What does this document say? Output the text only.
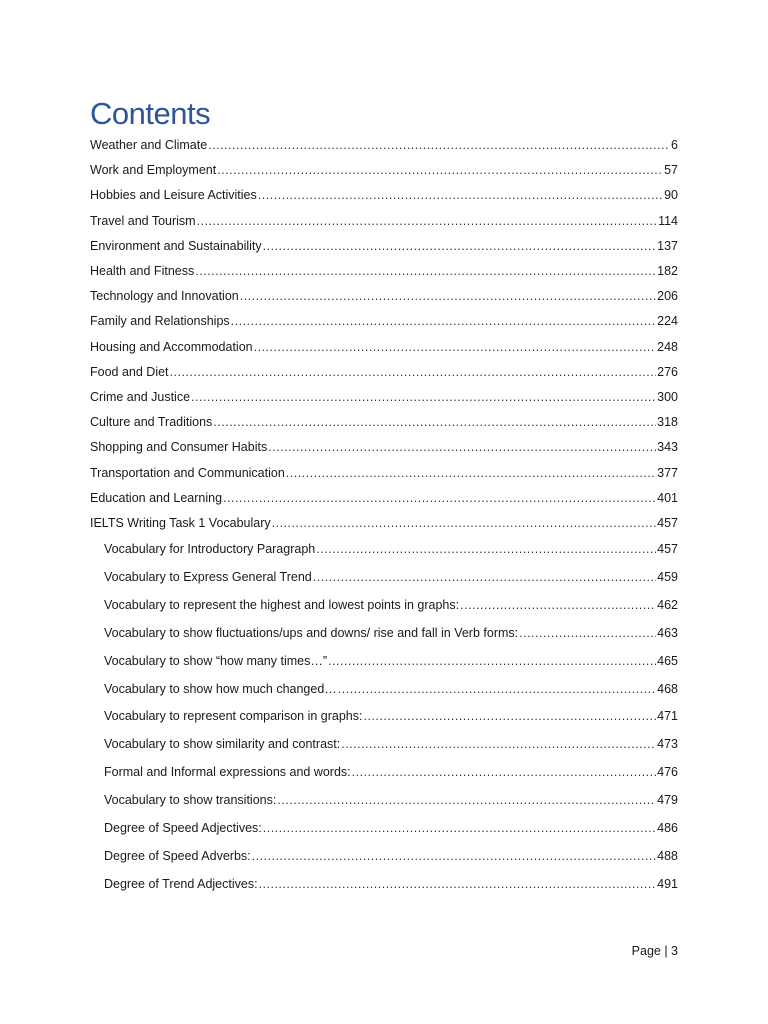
Contents
Weather and Climate .....	6
Work and Employment .....	57
Hobbies and Leisure Activities .....	90
Travel and Tourism .....	114
Environment and Sustainability .....	137
Health and Fitness .....	182
Technology and Innovation .....	206
Family and Relationships .....	224
Housing and Accommodation .....	248
Food and Diet .....	276
Crime and Justice .....	300
Culture and Traditions .....	318
Shopping and Consumer Habits .....	343
Transportation and Communication .....	377
Education and Learning .....	401
IELTS Writing Task 1 Vocabulary .....	457
Vocabulary for Introductory Paragraph .....	457
Vocabulary to Express General Trend .....	459
Vocabulary to represent the highest and lowest points in graphs: .....	462
Vocabulary to show fluctuations/ups and downs/ rise and fall in Verb forms: .....	463
Vocabulary to show “how many times…” .....	465
Vocabulary to show how much changed… .....	468
Vocabulary to represent comparison in graphs: .....	471
Vocabulary to show similarity and contrast: .....	473
Formal and Informal expressions and words: .....	476
Vocabulary to show transitions: .....	479
Degree of Speed Adjectives: .....	486
Degree of Speed Adverbs: .....	488
Degree of Trend Adjectives: .....	491
Page | 3
